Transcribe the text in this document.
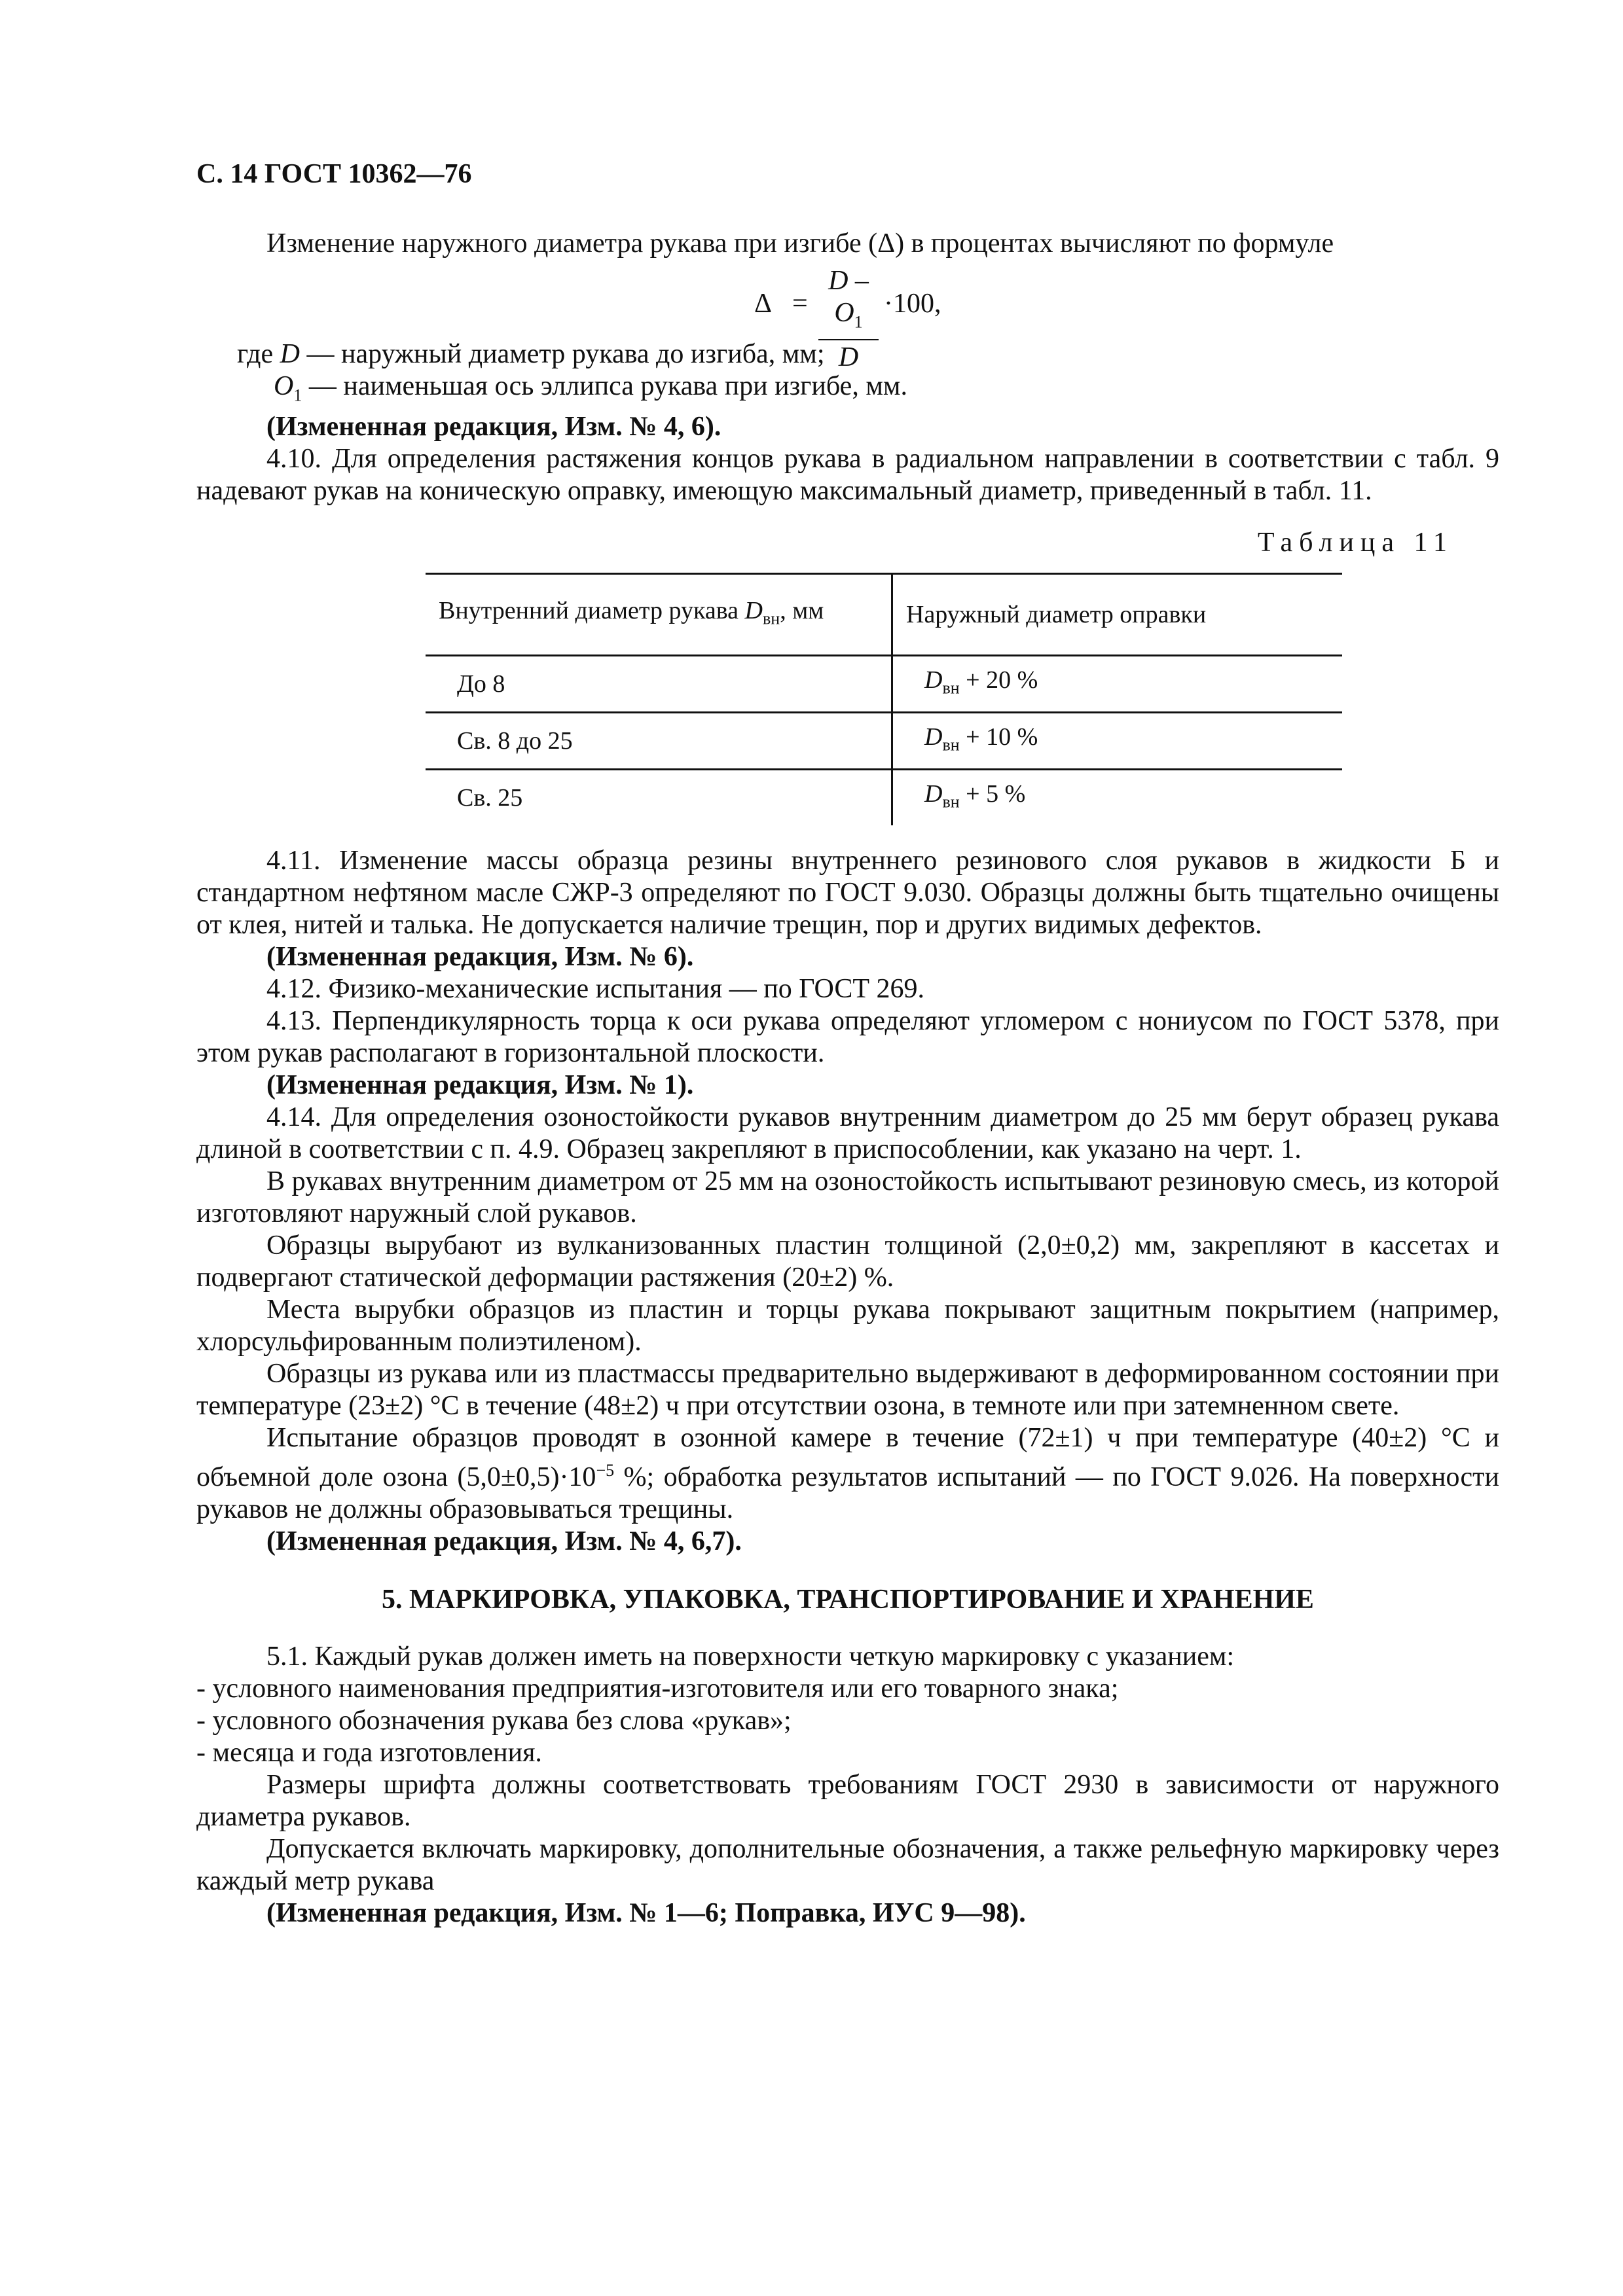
С. 14 ГОСТ 10362—76

Изменение наружного диаметра рукава при изгибе (Δ) в процентах вычисляют по формуле

$\Delta = \frac{D - O_1}{D} \cdot 100$,

где D — наружный диаметр рукава до изгиба, мм;

$O_1$ — наименьшая ось эллипса рукава при изгибе, мм.

(Измененная редакция, Изм. № 4, 6).

4.10. Для определения растяжения концов рукава в радиальном направлении в соответствии с табл. 9 надевают рукав на коническую оправку, имеющую максимальный диаметр, приведенный в табл. 11.

Таблица 11
Внутренний диаметр рукава $D_{вн}$, мм	Наружный диаметр оправки
До 8	$D_{вн} + 20$ %
Св. 8 до 25	$D_{вн} + 10$ %
Св. 25	$D_{вн} + 5$ %

4.11. Изменение массы образца резины внутреннего резинового слоя рукавов в жидкости Б и стандартном нефтяном масле СЖР-3 определяют по ГОСТ 9.030. Образцы должны быть тщательно очищены от клея, нитей и талька. Не допускается наличие трещин, пор и других видимых дефектов.

(Измененная редакция, Изм. № 6).

4.12. Физико-механические испытания — по ГОСТ 269.

4.13. Перпендикулярность торца к оси рукава определяют угломером с нониусом по ГОСТ 5378, при этом рукав располагают в горизонтальной плоскости.

(Измененная редакция, Изм. № 1).

4.14. Для определения озоностойкости рукавов внутренним диаметром до 25 мм берут образец рукава длиной в соответствии с п. 4.9. Образец закрепляют в приспособлении, как указано на черт. 1.

В рукавах внутренним диаметром от 25 мм на озоностойкость испытывают резиновую смесь, из которой изготовляют наружный слой рукавов.

Образцы вырубают из вулканизованных пластин толщиной (2,0±0,2) мм, закрепляют в кассетах и подвергают статической деформации растяжения (20±2) %.

Места вырубки образцов из пластин и торцы рукава покрывают защитным покрытием (например, хлорсульфированным полиэтиленом).

Образцы из рукава или из пластмассы предварительно выдерживают в деформированном состоянии при температуре (23±2) °С в течение (48±2) ч при отсутствии озона, в темноте или при затемненном свете.

Испытание образцов проводят в озонной камере в течение (72±1) ч при температуре (40±2) °С и объемной доле озона $(5,0\pm 0,5)\cdot 10^{-5}$ %; обработка результатов испытаний — по ГОСТ 9.026. На поверхности рукавов не должны образовываться трещины.

(Измененная редакция, Изм. № 4, 6,7).

5. МАРКИРОВКА, УПАКОВКА, ТРАНСПОРТИРОВАНИЕ И ХРАНЕНИЕ

5.1. Каждый рукав должен иметь на поверхности четкую маркировку с указанием:

- условного наименования предприятия-изготовителя или его товарного знака;

- условного обозначения рукава без слова «рукав»;

- месяца и года изготовления.

Размеры шрифта должны соответствовать требованиям ГОСТ 2930 в зависимости от наружного диаметра рукавов.

Допускается включать маркировку, дополнительные обозначения, а также рельефную маркировку через каждый метр рукава

(Измененная редакция, Изм. № 1—6; Поправка, ИУС 9—98).
